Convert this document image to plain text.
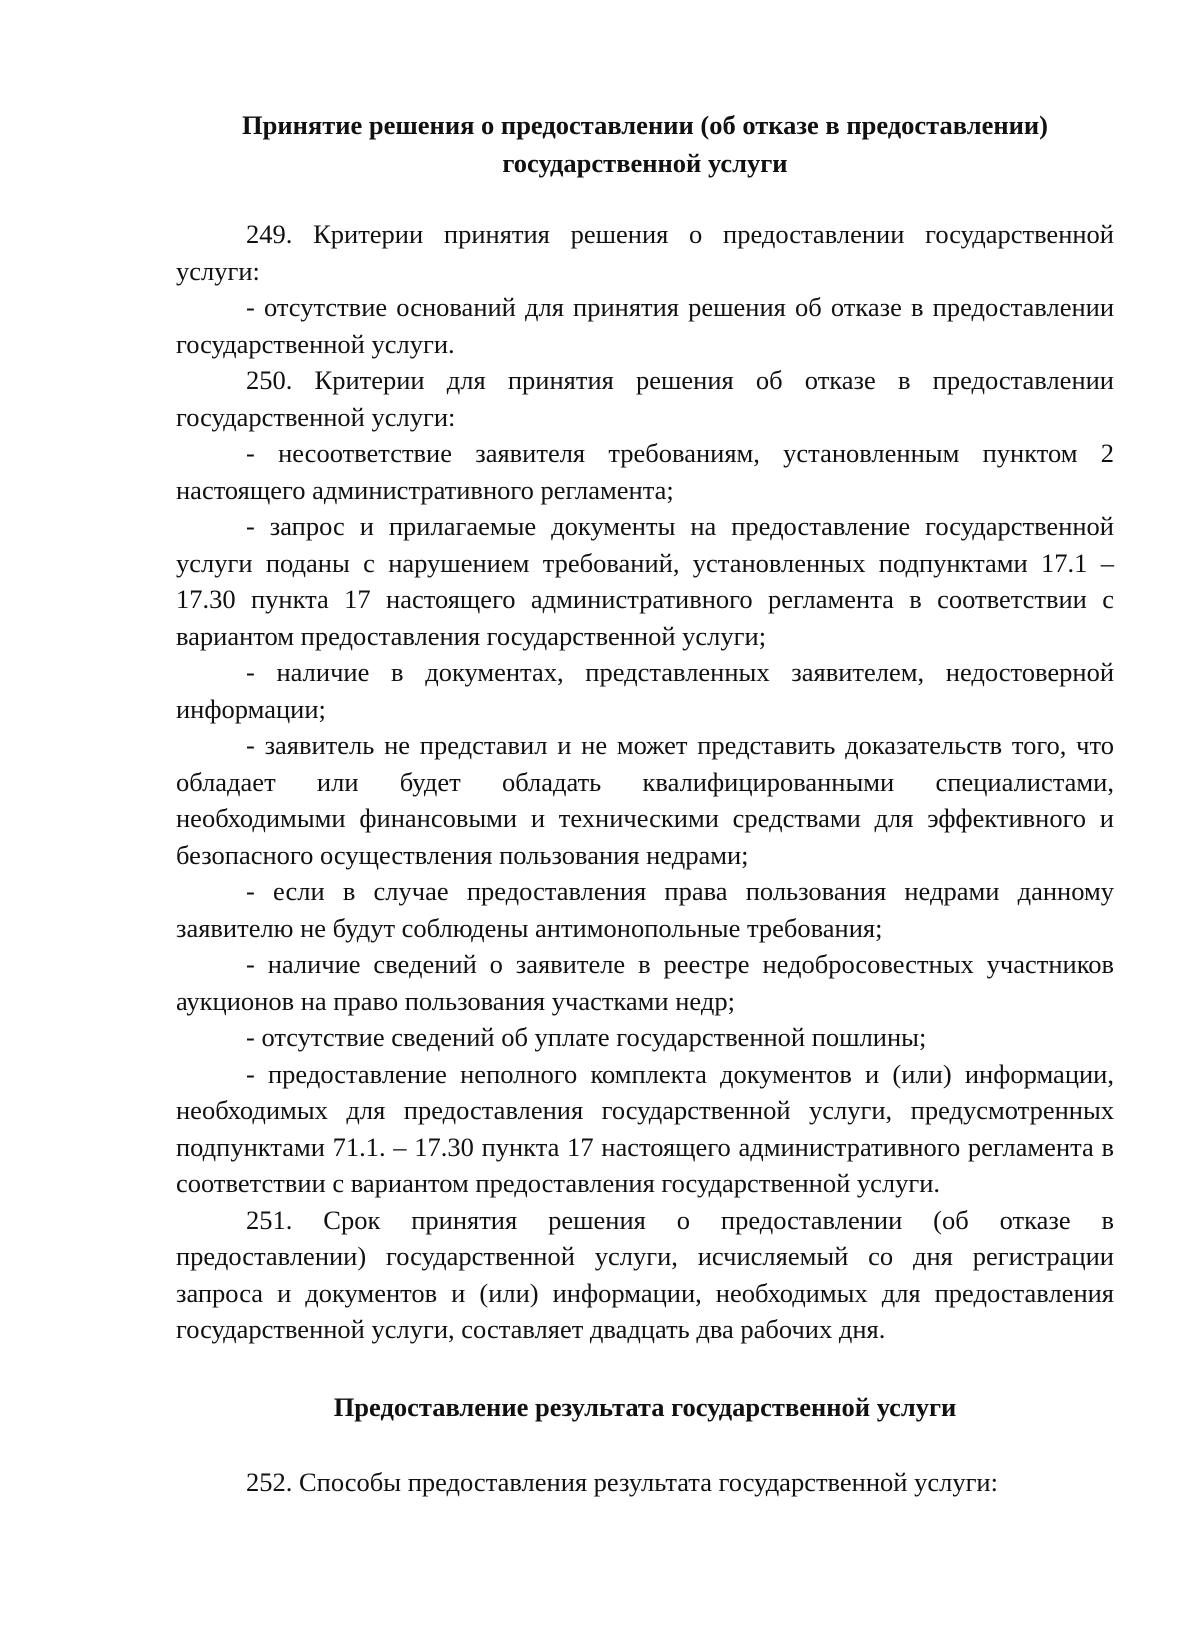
Принятие решения о предоставлении (об отказе в предоставлении)
государственной услуги

249. Критерии принятия решения о предоставлении государственной услуги:

- отсутствие оснований для принятия решения об отказе в предоставлении государственной услуги.

250. Критерии для принятия решения об отказе в предоставлении государственной услуги:

- несоответствие заявителя требованиям, установленным пунктом 2 настоящего административного регламента;

- запрос и прилагаемые документы на предоставление государственной услуги поданы с нарушением требований, установленных подпунктами 17.1 – 17.30 пункта 17 настоящего административного регламента в соответствии с вариантом предоставления государственной услуги;

- наличие в документах, представленных заявителем, недостоверной информации;

- заявитель не представил и не может представить доказательств того, что обладает или будет обладать квалифицированными специалистами, необходимыми финансовыми и техническими средствами для эффективного и безопасного осуществления пользования недрами;

- если в случае предоставления права пользования недрами данному заявителю не будут соблюдены антимонопольные требования;

- наличие сведений о заявителе в реестре недобросовестных участников аукционов на право пользования участками недр;

- отсутствие сведений об уплате государственной пошлины;

- предоставление неполного комплекта документов и (или) информации, необходимых для предоставления государственной услуги, предусмотренных подпунктами 71.1. – 17.30 пункта 17 настоящего административного регламента в соответствии с вариантом предоставления государственной услуги.

251. Срок принятия решения о предоставлении (об отказе в предоставлении) государственной услуги, исчисляемый со дня регистрации запроса и документов и (или) информации, необходимых для предоставления государственной услуги, составляет двадцать два рабочих дня.

Предоставление результата государственной услуги

252. Способы предоставления результата государственной услуги:
